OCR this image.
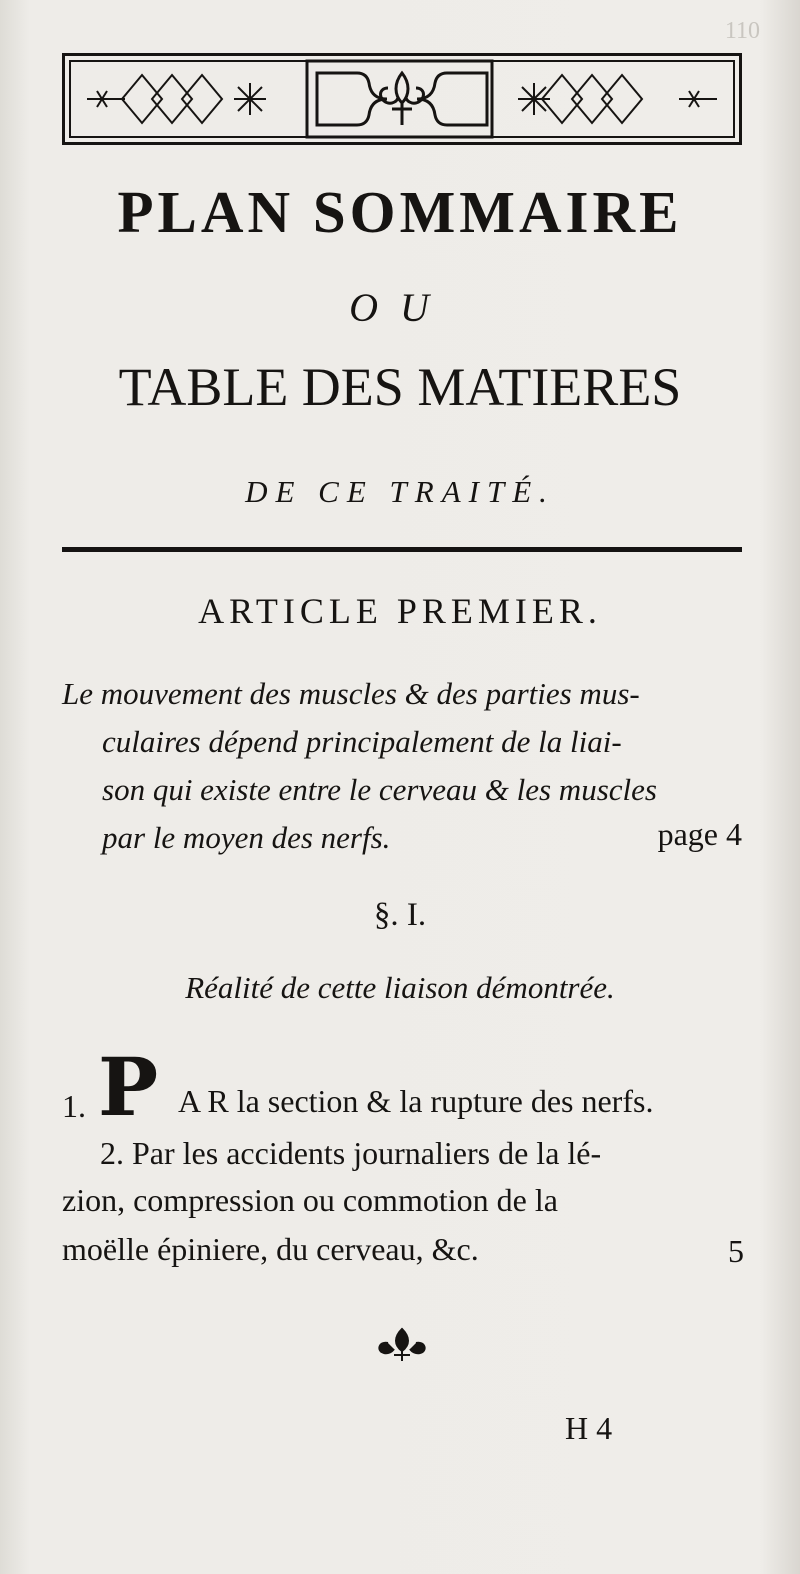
110
PLAN SOMMAIRE
OU
TABLE DES MATIERES
DE CE TRAITÉ.
ARTICLE PREMIER.
Le mouvement des muscles & des parties mus-
culaires dépend principalement de la liai-
son qui existe entre le cerveau & les muscles
par le moyen des nerfs.	page 4
§. I.
Réalité de cette liaison démontrée.
1. P A R la section & la rupture des nerfs.
2. Par les accidents journaliers de la lé-
zion, compression ou commotion de la
moëlle épiniere, du cerveau, &c.	5
H 4
